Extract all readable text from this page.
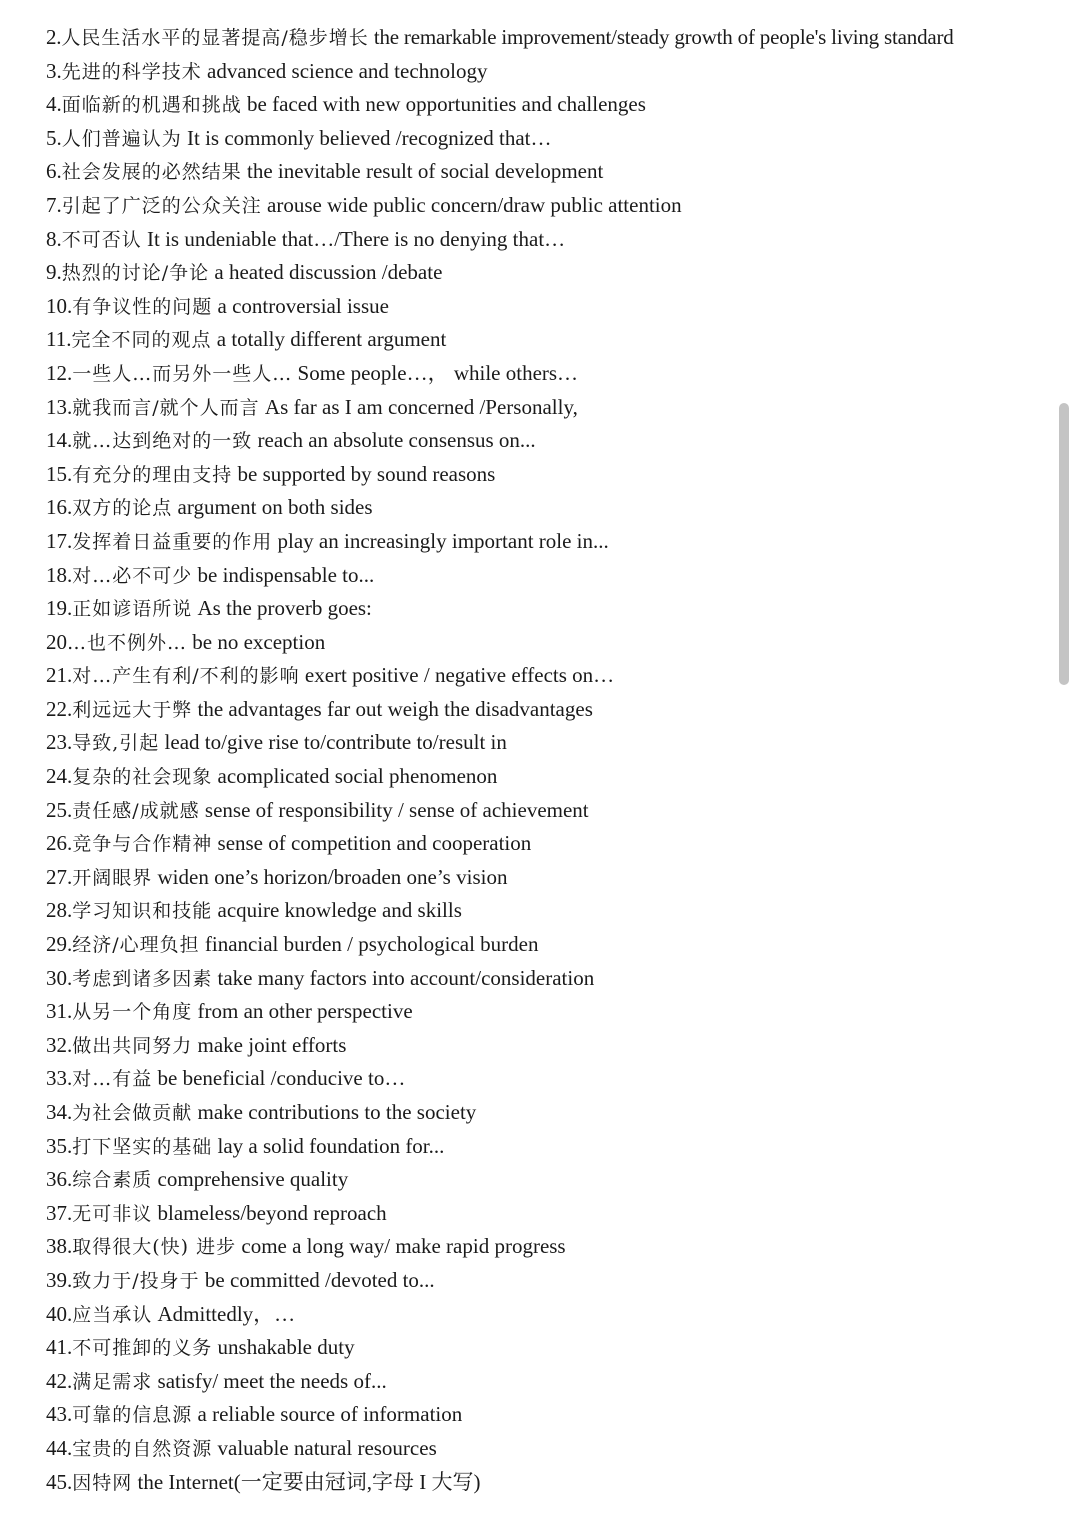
2.人民生活水平的显著提高/稳步增长 the remarkable improvement/steady growth of people's living standard
3.先进的科学技术 advanced science and technology
4.面临新的机遇和挑战 be faced with new opportunities and challenges
5.人们普遍认为 It is commonly believed /recognized that…
6.社会发展的必然结果 the inevitable result of social development
7.引起了广泛的公众关注 arouse wide public concern/draw public attention
8.不可否认 It is undeniable that…/There is no denying that…
9.热烈的讨论/争论 a heated discussion /debate
10.有争议性的问题 a controversial issue
11.完全不同的观点 a totally different argument
12.一些人…而另外一些人… Some people…， while others…
13.就我而言/就个人而言 As far as I am concerned /Personally,
14.就…达到绝对的一致 reach an absolute consensus on...
15.有充分的理由支持 be supported by sound reasons
16.双方的论点 argument on both sides
17.发挥着日益重要的作用 play an increasingly important role in...
18.对…必不可少 be indispensable to...
19.正如谚语所说 As the proverb goes:
20…也不例外… be no exception
21.对…产生有利/不利的影响 exert positive / negative effects on…
22.利远远大于弊 the advantages far out weigh the disadvantages
23.导致,引起 lead to/give rise to/contribute to/result in
24.复杂的社会现象 acomplicated social phenomenon
25.责任感/成就感 sense of responsibility / sense of achievement
26.竞争与合作精神 sense of competition and cooperation
27.开阔眼界 widen one’s horizon/broaden one’s vision
28.学习知识和技能 acquire knowledge and skills
29.经济/心理负担 financial burden / psychological burden
30.考虑到诸多因素 take many factors into account/consideration
31.从另一个角度 from an other perspective
32.做出共同努力 make joint efforts
33.对…有益 be beneficial /conducive to…
34.为社会做贡献 make contributions to the society
35.打下坚实的基础 lay a solid foundation for...
36.综合素质 comprehensive quality
37.无可非议 blameless/beyond reproach
38.取得很大(快) 进步 come a long way/ make rapid progress
39.致力于/投身于 be committed /devoted to...
40.应当承认 Admittedly，…
41.不可推卸的义务 unshakable duty
42.满足需求 satisfy/ meet the needs of...
43.可靠的信息源 a reliable source of information
44.宝贵的自然资源 valuable natural resources
45.因特网 the Internet(一定要由冠词,字母 I 大写)
